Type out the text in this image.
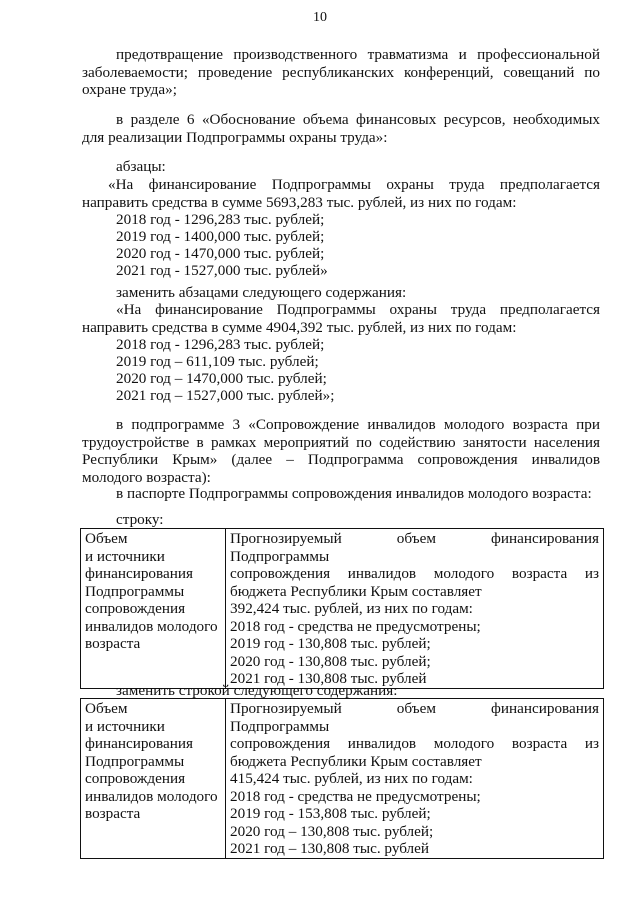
10

предотвращение производственного травматизма и профессиональной заболеваемости; проведение республиканских конференций, совещаний по охране труда»;

в разделе 6 «Обоснование объема финансовых ресурсов, необходимых для реализации Подпрограммы охраны труда»:

абзацы:

«На финансирование Подпрограммы охраны труда предполагается направить средства в сумме 5693,283 тыс. рублей, из них по годам:

2018 год - 1296,283 тыс. рублей;
2019 год - 1400,000 тыс. рублей;
2020 год - 1470,000 тыс. рублей;
2021 год - 1527,000 тыс. рублей»
заменить абзацами следующего содержания:

«На финансирование Подпрограммы охраны труда предполагается направить средства в сумме 4904,392 тыс. рублей, из них по годам:

2018 год - 1296,283 тыс. рублей;
2019 год – 611,109 тыс. рублей;
2020 год – 1470,000 тыс. рублей;
2021 год – 1527,000 тыс. рублей»;

в подпрограмме 3 «Сопровождение инвалидов молодого возраста при трудоустройстве в рамках мероприятий по содействию занятости населения Республики Крым» (далее – Подпрограмма сопровождения инвалидов молодого возраста):

в паспорте Подпрограммы сопровождения инвалидов молодого возраста:
строку:
Объем
и источники
финансирования
Подпрограммы
сопровождения
инвалидов молодого
возраста

Прогнозируемый объем финансирования Подпрограммы
сопровождения инвалидов молодого возраста из
бюджета Республики Крым составляет
392,424 тыс. рублей, из них по годам:
2018 год - средства не предусмотрены;
2019 год - 130,808 тыс. рублей;
2020 год - 130,808 тыс. рублей;
2021 год - 130,808 тыс. рублей
заменить строкой следующего содержания:
Объем
и источники
финансирования
Подпрограммы
сопровождения
инвалидов молодого
возраста

Прогнозируемый объем финансирования Подпрограммы
сопровождения инвалидов молодого возраста из
бюджета Республики Крым составляет
415,424 тыс. рублей, из них по годам:
2018 год - средства не предусмотрены;
2019 год - 153,808 тыс. рублей;
2020 год – 130,808 тыс. рублей;
2021 год – 130,808 тыс. рублей
